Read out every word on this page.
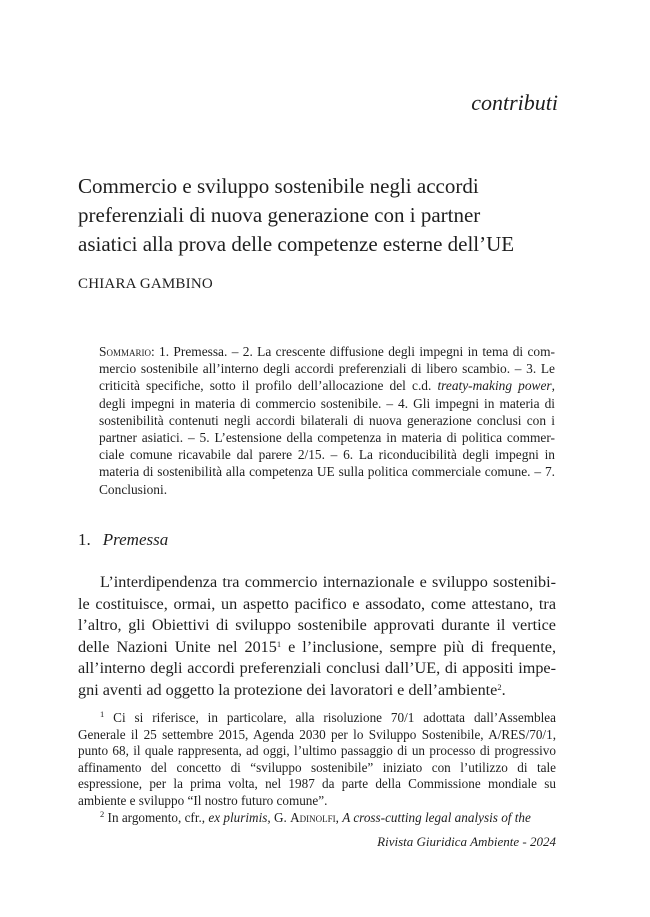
contributi
Commercio e sviluppo sostenibile negli accordi
preferenziali di nuova generazione con i partner
asiatici alla prova delle competenze esterne dell’UE
CHIARA GAMBINO
Sommario: 1. Premessa. – 2. La crescente diffusione degli impegni in tema di com-
mercio sostenibile all’interno degli accordi preferenziali di libero scambio. – 3. Le
criticità specifiche, sotto il profilo dell’allocazione del c.d. treaty-making power,
degli impegni in materia di commercio sostenibile. – 4. Gli impegni in materia di
sostenibilità contenuti negli accordi bilaterali di nuova generazione conclusi con i
partner asiatici. – 5. L’estensione della competenza in materia di politica commer-
ciale comune ricavabile dal parere 2/15. – 6. La riconducibilità degli impegni in
materia di sostenibilità alla competenza UE sulla politica commerciale comune. – 7.
Conclusioni.
1. Premessa
L’interdipendenza tra commercio internazionale e sviluppo sostenibi-
le costituisce, ormai, un aspetto pacifico e assodato, come attestano, tra
l’altro, gli Obiettivi di sviluppo sostenibile approvati durante il vertice
delle Nazioni Unite nel 2015$^1$ e l’inclusione, sempre più di frequente,
all’interno degli accordi preferenziali conclusi dall’UE, di appositi impe-
gni aventi ad oggetto la protezione dei lavoratori e dell’ambiente$^2$.
$^1$ Ci si riferisce, in particolare, alla risoluzione 70/1 adottata dall’Assemblea
Generale il 25 settembre 2015, Agenda 2030 per lo Sviluppo Sostenibile, A/RES/70/1,
punto 68, il quale rappresenta, ad oggi, l’ultimo passaggio di un processo di progressivo
affinamento del concetto di “sviluppo sostenibile” iniziato con l’utilizzo di tale
espressione, per la prima volta, nel 1987 da parte della Commissione mondiale su
ambiente e sviluppo “Il nostro futuro comune”.
$^2$ In argomento, cfr., ex plurimis, G. Adinolfi, A cross-cutting legal analysis of the
Rivista Giuridica Ambiente - 2024
